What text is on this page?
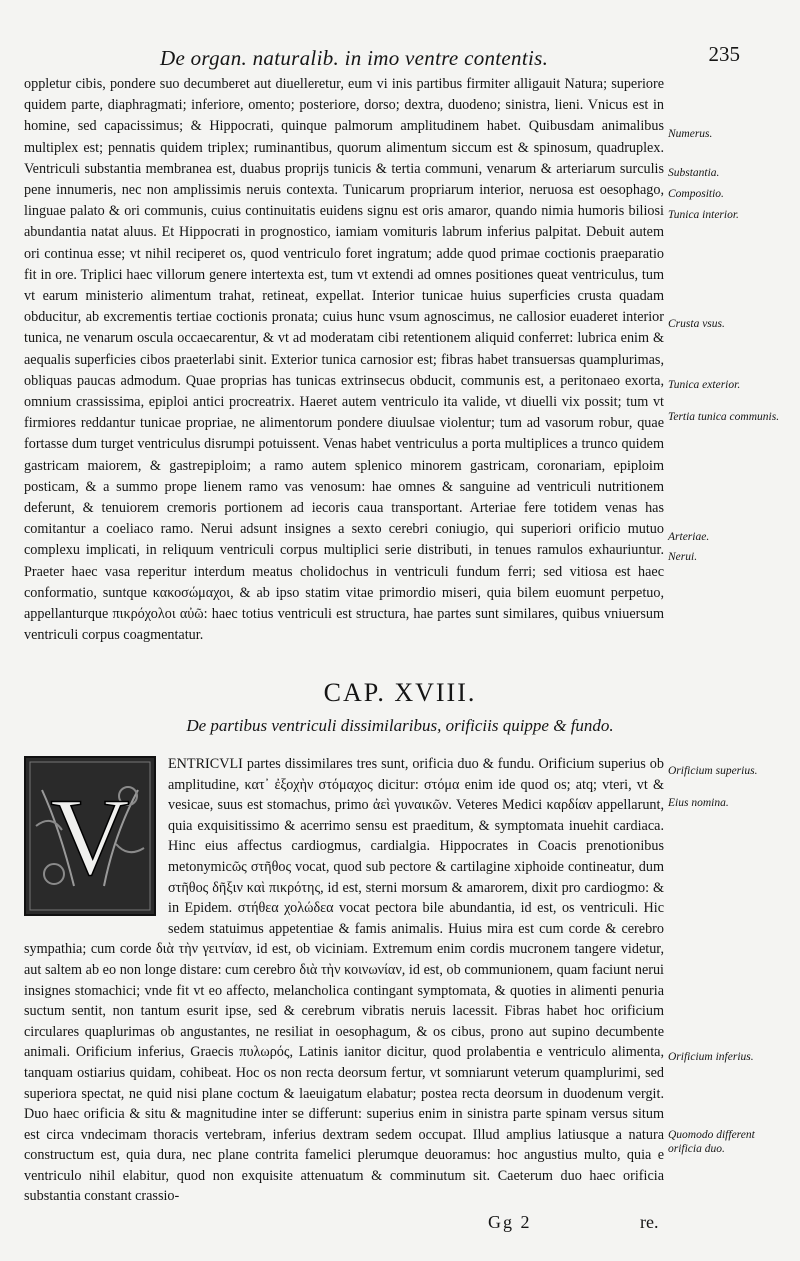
De organ. naturalib. in imo ventre contentis.	235

oppletur cibis, pondere suo decumberet aut diuelleretur, eum vi inis partibus firmiter alligauit Natura; superiore quidem parte, diaphragmati; inferiore, omento; posteriore, dorso; dextra, duodeno; sinistra, lieni. Vnicus est in homine, sed capacissimus; & Hippocrati, quinque palmorum amplitudinem habet. Quibusdam animalibus multiplex est; pennatis quidem triplex; ruminantibus, quorum alimentum siccum est & spinosum, quadruplex. Ventriculi substantia membranea est, duabus proprijs tunicis & tertia communi, venarum & arteriarum surculis pene innumeris, nec non amplissimis neruis contexta. Tunicarum propriarum interior, neruosa est oesophago, linguae palato & ori communis, cuius continuitatis euidens signu est oris amaror, quando nimia humoris biliosi abundantia natat aluus. Et Hippocrati in prognostico, iamiam vomituris labrum inferius palpitat. Debuit autem ori continua esse; vt nihil reciperet os, quod ventriculo foret ingratum; adde quod primae coctionis praeparatio fit in ore. Triplici haec villorum genere intertexta est, tum vt extendi ad omnes positiones queat ventriculus, tum vt earum ministerio alimentum trahat, retineat, expellat. Interior tunicae huius superficies crusta quadam obducitur, ab excrementis tertiae coctionis pronata; cuius hunc vsum agnoscimus, ne callosior euaderet interior tunica, ne venarum oscula occaecarentur, & vt ad moderatam cibi retentionem aliquid conferret: lubrica enim & aequalis superficies cibos praeterlabi sinit. Exterior tunica carnosior est; fibras habet transuersas quamplurimas, obliquas paucas admodum. Quae proprias has tunicas extrinsecus obducit, communis est, a peritonaeo exorta, omnium crassissima, epiploi antici procreatrix. Haeret autem ventriculo ita valide, vt diuelli vix possit; tum vt firmiores reddantur tunicae propriae, ne alimentorum pondere diuulsae violentur; tum ad vasorum robur, quae fortasse dum turget ventriculus disrumpi potuissent. Venas habet ventriculus a porta multiplices a trunco quidem gastricam maiorem, & gastrepiploim; a ramo autem splenico minorem gastricam, coronariam, epiploim posticam, & a summo prope lienem ramo vas venosum: hae omnes & sanguine ad ventriculi nutritionem deferunt, & tenuiorem cremoris portionem ad iecoris caua transportant. Arteriae fere totidem venas has comitantur a coeliaco ramo. Nerui adsunt insignes a sexto cerebri coniugio, qui superiori orificio mutuo complexu implicati, in reliquum ventriculi corpus multiplici serie distributi, in tenues ramulos exhauriuntur. Praeter haec vasa reperitur interdum meatus cholidochus in ventriculi fundum ferri; sed vitiosa est haec conformatio, suntque κακοσώμαχοι, & ab ipso statim vitae primordio miseri, quia bilem euomunt perpetuo, appellanturque πικρόχολοι αὐῶ: haec totius ventriculi est structura, hae partes sunt similares, quibus vniuersum ventriculi corpus coagmentatur.

CAP. XVIII.
De partibus ventriculi dissimilaribus, orificiis quippe & fundo.
V

ENTRICVLI partes dissimilares tres sunt, orificia duo & fundu. Orificium superius ob amplitudine, κατ᾽ ἐξοχὴν στόμαχος dicitur: στόμα enim ide quod os; atq; vteri, vt & vesicae, suus est stomachus, primo ἀεὶ γυναικῶν. Veteres Medici καρδίαν appellarunt, quia exquisitissimo & acerrimo sensu est praeditum, & symptomata inuehit cardiaca. Hinc eius affectus cardiogmus, cardialgia. Hippocrates in Coacis prenotionibus metonymicῶς στῆθος vocat, quod sub pectore & cartilagine xiphoide contineatur, dum στῆθος δῆξιν καὶ πικρότης, id est, sterni morsum & amarorem, dixit pro cardiogmo: & in Epidem. στήθεα χολώδεα vocat pectora bile abundantia, id est, os ventriculi. Hic sedem statuimus appetentiae & famis animalis. Huius mira est cum corde & cerebro sympathia; cum corde διὰ τὴν γειτνίαν, id est, ob viciniam. Extremum enim cordis mucronem tangere videtur, aut saltem ab eo non longe distare: cum cerebro διὰ τὴν κοινωνίαν, id est, ob communionem, quam faciunt nerui insignes stomachici; vnde fit vt eo affecto, melancholica contingant symptomata, & quoties in alimenti penuria suctum sentit, non tantum esurit ipse, sed & cerebrum vibratis neruis lacessit. Fibras habet hoc orificium circulares quaplurimas ob angustantes, ne resiliat in oesophagum, & os cibus, prono aut supino decumbente animali. Orificium inferius, Graecis πυλωρός, Latinis ianitor dicitur, quod prolabentia e ventriculo alimenta, tanquam ostiarius quidam, cohibeat. Hoc os non recta deorsum fertur, vt somniarunt veterum quamplurimi, sed superiora spectat, ne quid nisi plane coctum & laeuigatum elabatur; postea recta deorsum in duodenum vergit. Duo haec orificia & situ & magnitudine inter se differunt: superius enim in sinistra parte spinam versus situm est circa vndecimam thoracis vertebram, inferius dextram sedem occupat. Illud amplius latiusque a natura constructum est, quia dura, nec plane contrita famelici plerumque deuoramus: hoc angustius multo, quia e ventriculo nihil elabitur, quod non exquisite attenuatum & comminutum sit. Caeterum duo haec orificia substantia constant crassio-

Numerus.
Substantia.
Compositio.
Tunica interior.
Crusta vsus.
Tunica exterior.
Tertia tunica communis.
Arteriae.
Nerui.
Orificium superius.
Eius nomina.
Orificium inferius.
Quomodo different orificia duo.
Gg 2	re.
